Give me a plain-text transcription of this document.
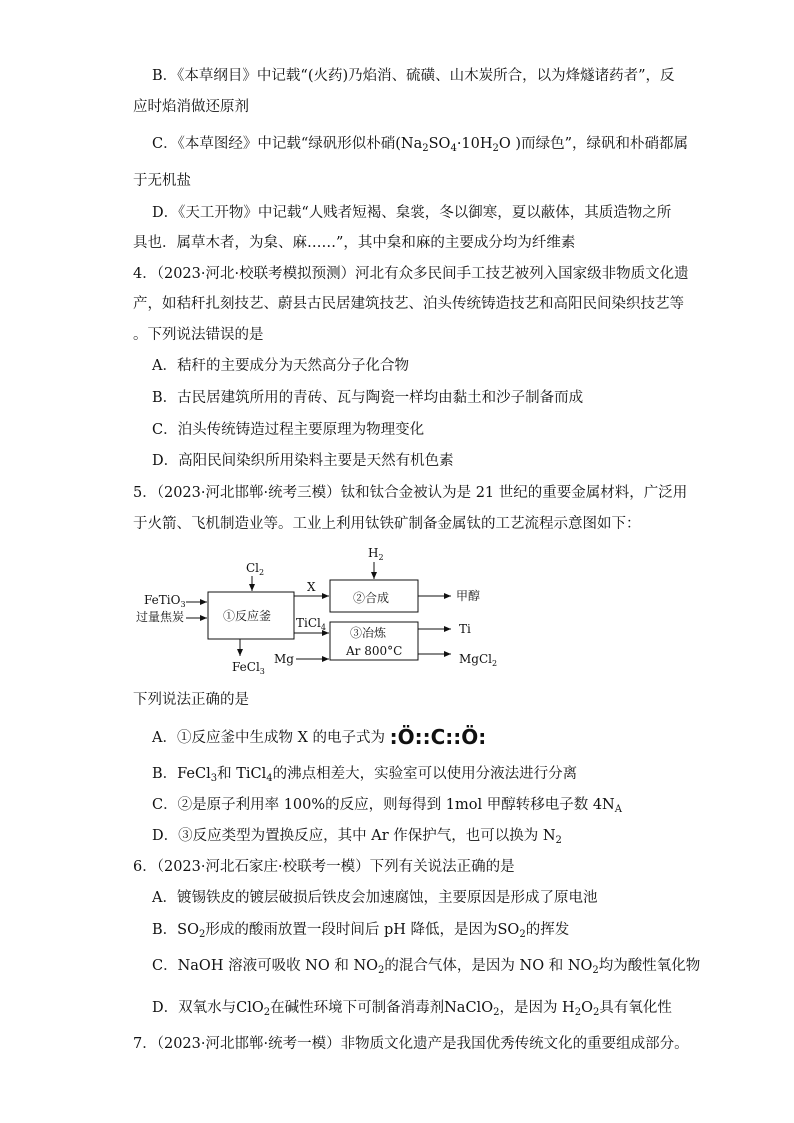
B．《本草纲目》中记载“(火药)乃焰消、硫磺、山木炭所合，以为烽燧诸药者”，反
应时焰消做还原剂
C．《本草图经》中记载“绿矾形似朴硝($Na_2SO_4\cdot 10H_2O$ )而绿色”，绿矾和朴硝都属
于无机盐
D．《天工开物》中记载“人贱者短褐、枲裳，冬以御寒，夏以蔽体，其质造物之所
具也．属草木者，为枲、麻……”，其中枲和麻的主要成分均为纤维素
4．（2023·河北·校联考模拟预测）河北有众多民间手工技艺被列入国家级非物质文化遗
产，如秸秆扎刻技艺、蔚县古民居建筑技艺、泊头传统铸造技艺和高阳民间染织技艺等
。下列说法错误的是
A．秸秆的主要成分为天然高分子化合物
B．古民居建筑所用的青砖、瓦与陶瓷一样均由黏土和沙子制备而成
C．泊头传统铸造过程主要原理为物理变化
D．高阳民间染织所用染料主要是天然有机色素
5．（2023·河北邯郸·统考三模）钛和钛合金被认为是 21 世纪的重要金属材料，广泛用
于火箭、飞机制造业等。工业上利用钛铁矿制备金属钛的工艺流程示意图如下：
$Cl_2$
$H_2$
FeTiO$_3$
过量焦炭	①反应釜
X
②合成	甲醇
TiCl$_4$ ③冶炼
Ar 800°C
Ti
Mg	MgCl$_2$
FeCl$_3$
下列说法正确的是
A．①反应釜中生成物 X 的电子式为 :Ö::C::Ö:
B．FeCl$_3$和 TiCl$_4$的沸点相差大，实验室可以使用分液法进行分离
C．②是原子利用率 100%的反应，则每得到 1mol 甲醇转移电子数 $4N_A$
D．③反应类型为置换反应，其中 Ar 作保护气，也可以换为 $N_2$
6．（2023·河北石家庄·校联考一模）下列有关说法正确的是
A．镀锡铁皮的镀层破损后铁皮会加速腐蚀，主要原因是形成了原电池
B．$SO_2$形成的酸雨放置一段时间后 pH 降低，是因为$SO_2$的挥发
C．NaOH 溶液可吸收 NO 和 $NO_2$的混合气体，是因为 NO 和 $NO_2$均为酸性氧化物
D．双氧水与ClO$_2$在碱性环境下可制备消毒剂NaClO$_2$，是因为 $H_2O_2$具有氧化性
7．（2023·河北邯郸·统考一模）非物质文化遗产是我国优秀传统文化的重要组成部分。
